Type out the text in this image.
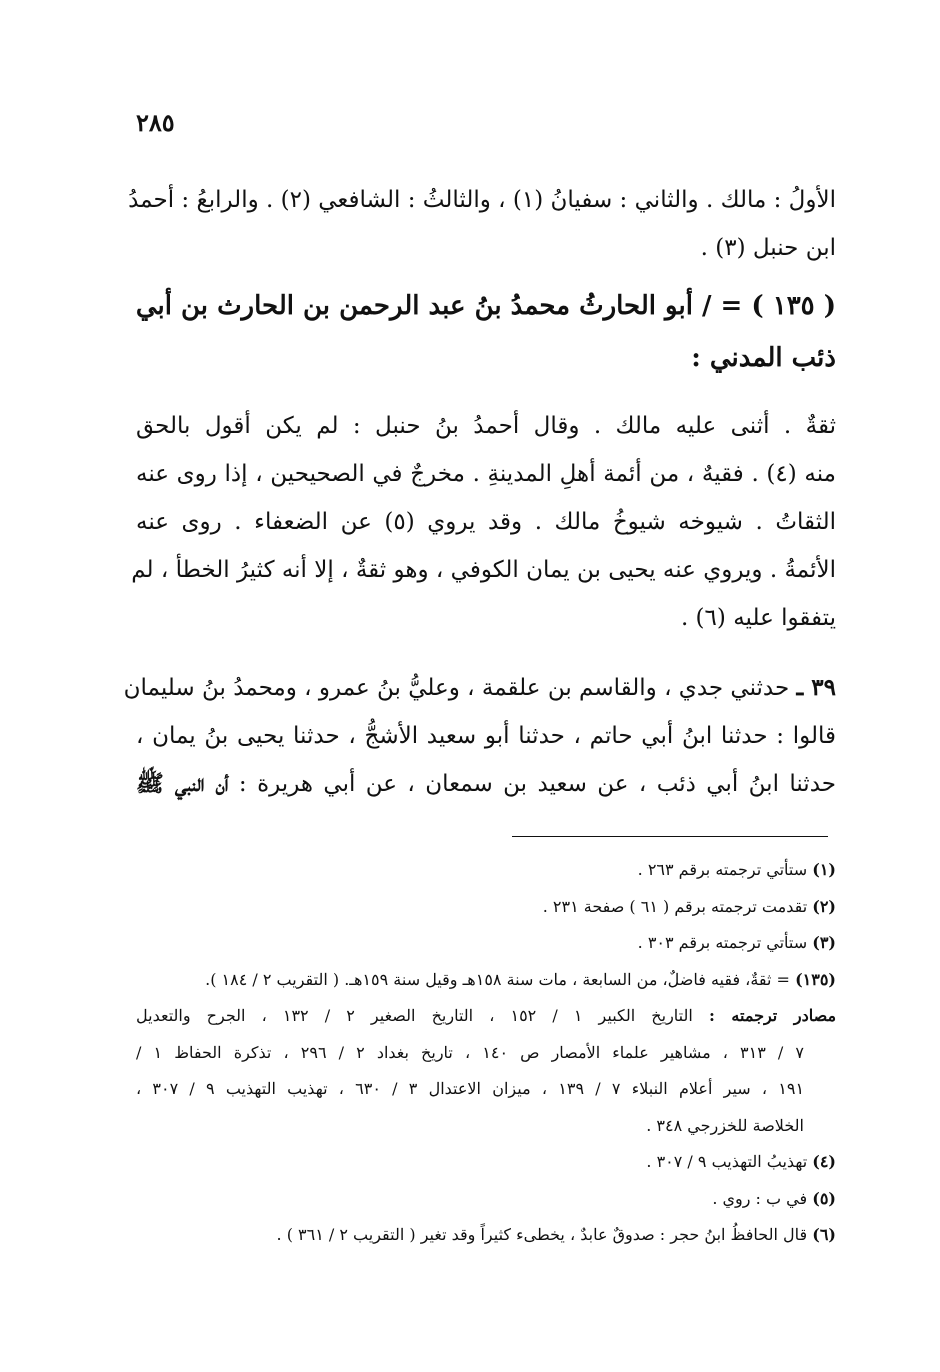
٢٨٥
الأولُ : مالك . والثاني : سفيانُ (١) ، والثالثُ : الشافعي (٢) . والرابعُ : أحمدُ
ابن حنبل (٣) .
( ١٣٥ ) = / أبو الحارثُ محمدُ بنُ عبد الرحمن بن الحارث بن أبي
ذئب المدني :
ثقةٌ . أثنى عليه مالك . وقال أحمدُ بنُ حنبل : لم يكن أقول بالحق
منه (٤) . فقيهٌ ، من أئمة أهلِ المدينةِ . مخرجٌ في الصحيحين ، إذا روى عنه
الثقاتُ . شيوخه شيوخُ مالك . وقد يروي (٥) عن الضعفاء . روى عنه
الأئمةُ . ويروي عنه يحيى بن يمان الكوفي ، وهو ثقةٌ ، إلا أنه كثيرُ الخطأ ، لم
يتفقوا عليه (٦) .
٣٩ ـ حدثني جدي ، والقاسم بن علقمة ، وعليُّ بنُ عمرو ، ومحمدُ بنُ سليمان
قالوا : حدثنا ابنُ أبي حاتم ، حدثنا أبو سعيد الأشجُّ ، حدثنا يحيى بنُ يمان ،
حدثنا ابنُ أبي ذئب ، عن سعيد بن سمعان ، عن أبي هريرة : أن النبي ﷺ
(١) ستأتي ترجمته برقم ٢٦٣ .
(٢) تقدمت ترجمته برقم ( ٦١ ) صفحة ٢٣١ .
(٣) ستأتي ترجمته برقم ٣٠٣ .
(١٣٥) = ثقةٌ، فقيه فاضلٌ، من السابعة ، مات سنة ١٥٨هـ وقيل سنة ١٥٩هـ. ( التقريب ٢ / ١٨٤ ).
مصادر ترجمته : التاريخ الكبير ١ / ١٥٢ ، التاريخ الصغير ٢ / ١٣٢ ، الجرح والتعديل
٧ / ٣١٣ ، مشاهير علماء الأمصار ص ١٤٠ ، تاريخ بغداد ٢ / ٢٩٦ ، تذكرة الحفاظ ١ /
١٩١ ، سير أعلام النبلاء ٧ / ١٣٩ ، ميزان الاعتدال ٣ / ٦٣٠ ، تهذيب التهذيب ٩ / ٣٠٧ ،
الخلاصة للخزرجي ٣٤٨ .
(٤) تهذيبُ التهذيب ٩ / ٣٠٧ .
(٥) في ب : روي .
(٦) قال الحافظُ ابنُ حجر : صدوقٌ عابدٌ ، يخطىء كثيراً وقد تغير ( التقريب ٢ / ٣٦١ ) .
